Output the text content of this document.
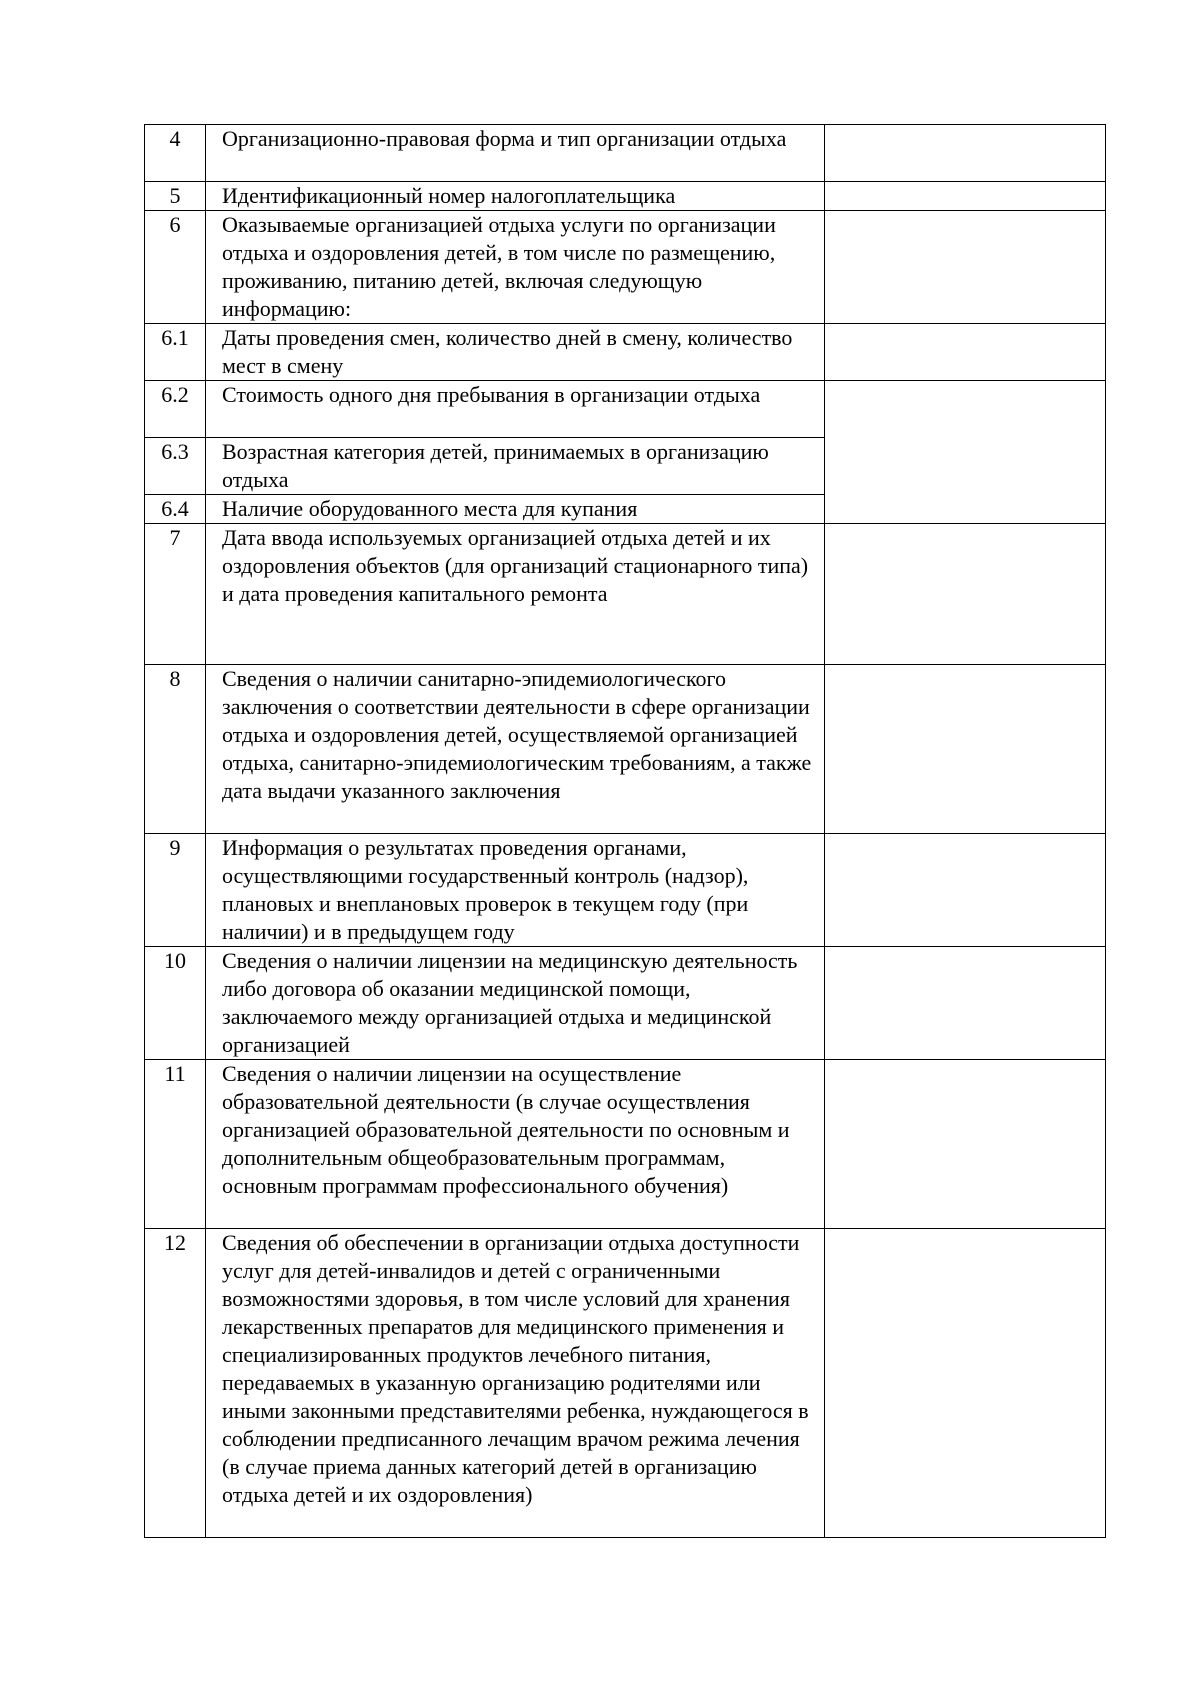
4	Организационно-правовая форма и тип организации отдыха	
5	Идентификационный номер налогоплательщика	
6	Оказываемые организацией отдыха услуги по организации отдыха и оздоровления детей, в том числе по размещению, проживанию, питанию детей, включая следующую информацию:	
6.1	Даты проведения смен, количество дней в смену, количество мест в смену	
6.2	Стоимость одного дня пребывания в организации отдыха	
6.3	Возрастная категория детей, принимаемых в организацию отдыха	
6.4	Наличие оборудованного места для купания	
7	Дата ввода используемых организацией отдыха детей и их оздоровления объектов (для организаций стационарного типа) и дата проведения капитального ремонта	
8	Сведения о наличии санитарно-эпидемиологического заключения о соответствии деятельности в сфере организации отдыха и оздоровления детей, осуществляемой организацией отдыха, санитарно-эпидемиологическим требованиям, а также дата выдачи указанного заключения	
9	Информация о результатах проведения органами, осуществляющими государственный контроль (надзор), плановых и внеплановых проверок в текущем году (при наличии) и в предыдущем году	
10	Сведения о наличии лицензии на медицинскую деятельность либо договора об оказании медицинской помощи, заключаемого между организацией отдыха и медицинской организацией	
11	Сведения о наличии лицензии на осуществление образовательной деятельности (в случае осуществления организацией образовательной деятельности по основным и дополнительным общеобразовательным программам, основным программам профессионального обучения)	
12	Сведения об обеспечении в организации отдыха доступности услуг для детей-инвалидов и детей с ограниченными возможностями здоровья, в том числе условий для хранения лекарственных препаратов для медицинского применения и специализированных продуктов лечебного питания, передаваемых в указанную организацию родителями или иными законными представителями ребенка, нуждающегося в соблюдении предписанного лечащим врачом режима лечения (в случае приема данных категорий детей в организацию отдыха детей и их оздоровления)	
